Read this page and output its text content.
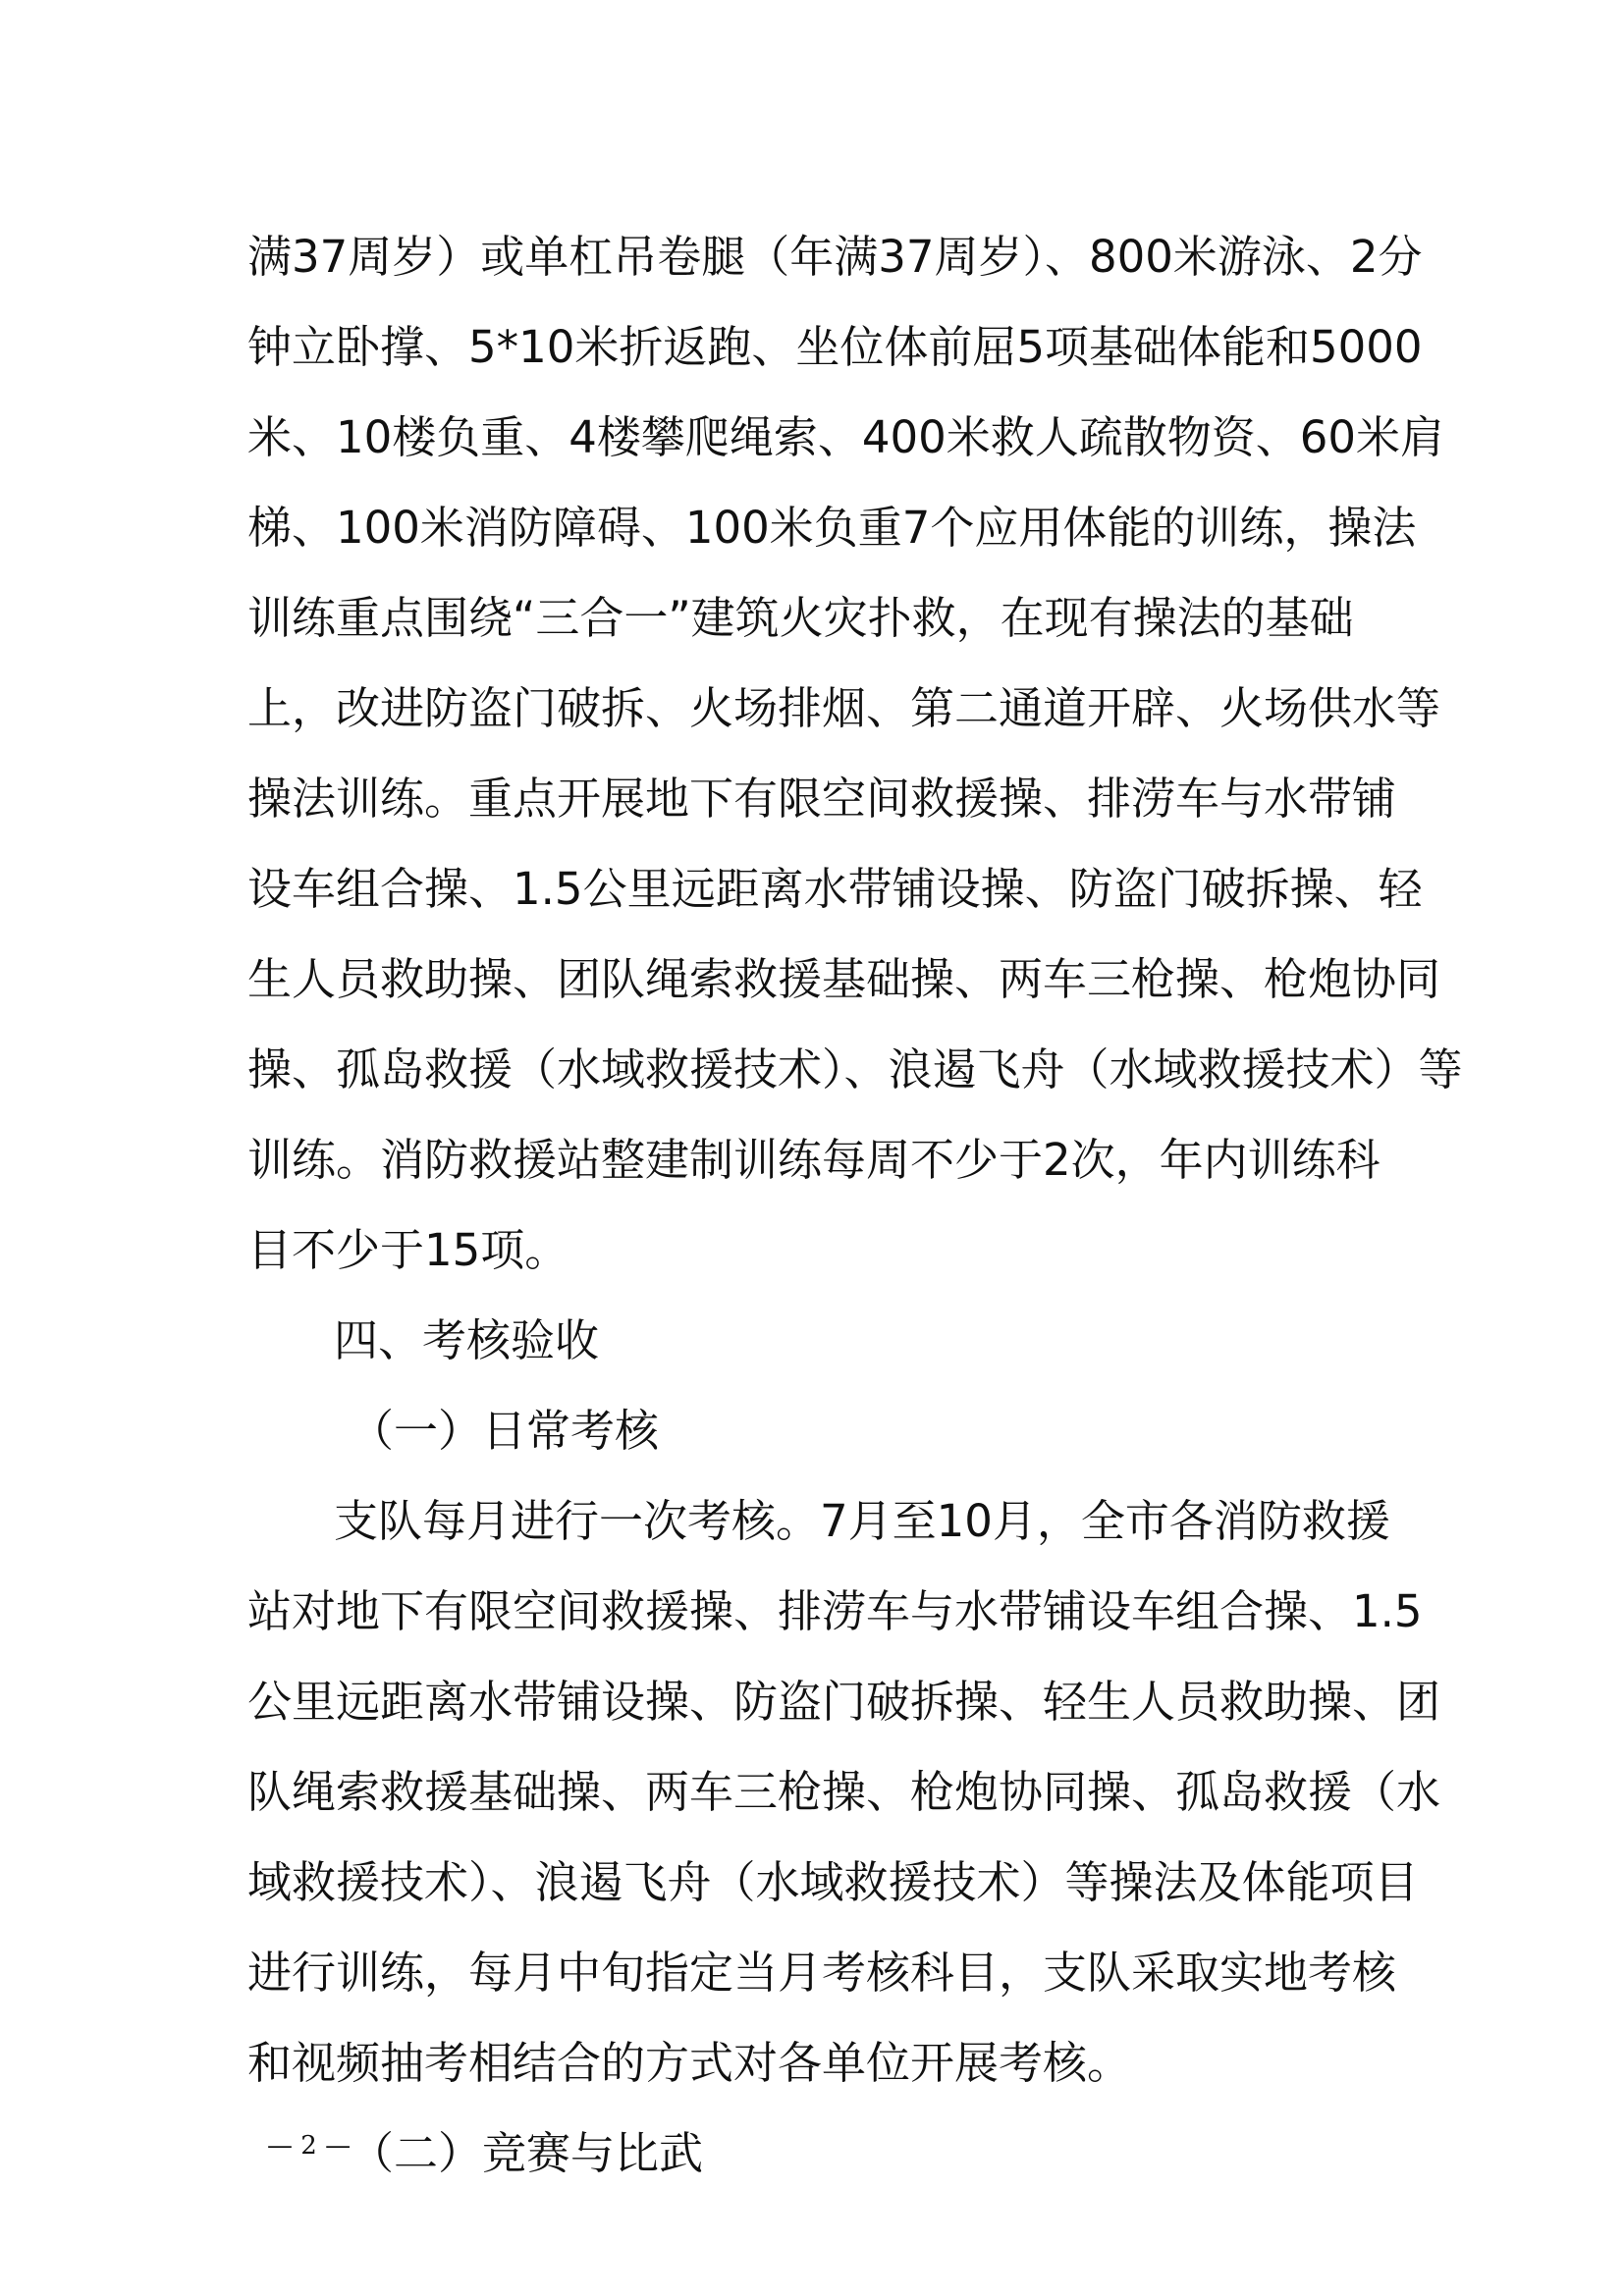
满37周岁）或单杠吊卷腿（年满37周岁）、800米游泳、2分
钟立卧撑、5*10米折返跑、坐位体前屈5项基础体能和5000
米、10楼负重、4楼攀爬绳索、400米救人疏散物资、60米肩
梯、100米消防障碍、100米负重7个应用体能的训练，操法
训练重点围绕“三合一”建筑火灾扑救，在现有操法的基础
上，改进防盗门破拆、火场排烟、第二通道开辟、火场供水等
操法训练。重点开展地下有限空间救援操、排涝车与水带铺
设车组合操、1.5公里远距离水带铺设操、防盗门破拆操、轻
生人员救助操、团队绳索救援基础操、两车三枪操、枪炮协同
操、孤岛救援（水域救援技术）、浪遏飞舟（水域救援技术）等
训练。消防救援站整建制训练每周不少于2次，年内训练科
目不少于15项。
四、考核验收
（一）日常考核
支队每月进行一次考核。7月至10月，全市各消防救援
站对地下有限空间救援操、排涝车与水带铺设车组合操、1.5
公里远距离水带铺设操、防盗门破拆操、轻生人员救助操、团
队绳索救援基础操、两车三枪操、枪炮协同操、孤岛救援（水
域救援技术）、浪遏飞舟（水域救援技术）等操法及体能项目
进行训练，每月中旬指定当月考核科目，支队采取实地考核
和视频抽考相结合的方式对各单位开展考核。
（二）竞赛与比武
— 2 —
